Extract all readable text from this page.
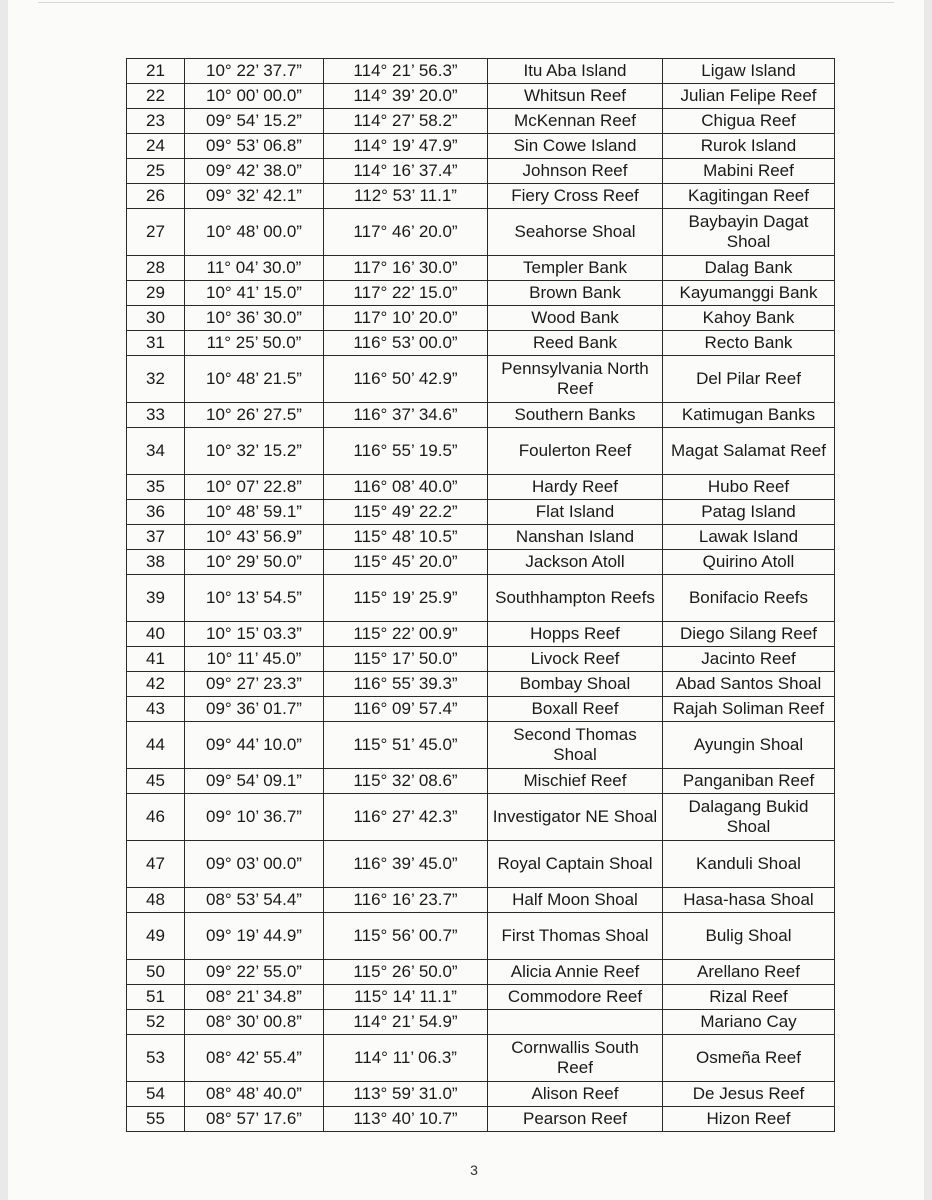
21	10° 22’ 37.7”	114° 21’ 56.3”	Itu Aba Island	Ligaw Island
22	10° 00’ 00.0”	114° 39’ 20.0”	Whitsun Reef	Julian Felipe Reef
23	09° 54’ 15.2”	114° 27’ 58.2”	McKennan Reef	Chigua Reef
24	09° 53’ 06.8”	114° 19’ 47.9”	Sin Cowe Island	Rurok Island
25	09° 42’ 38.0”	114° 16’ 37.4”	Johnson Reef	Mabini Reef
26	09° 32’ 42.1”	112° 53’ 11.1”	Fiery Cross Reef	Kagitingan Reef
27	10° 48’ 00.0”	117° 46’ 20.0”	Seahorse Shoal	Baybayin Dagat Shoal
28	11° 04’ 30.0”	117° 16’ 30.0”	Templer Bank	Dalag Bank
29	10° 41’ 15.0”	117° 22’ 15.0”	Brown Bank	Kayumanggi Bank
30	10° 36’ 30.0”	117° 10’ 20.0”	Wood Bank	Kahoy Bank
31	11° 25’ 50.0”	116° 53’ 00.0”	Reed Bank	Recto Bank
32	10° 48’ 21.5”	116° 50’ 42.9”	Pennsylvania North Reef	Del Pilar Reef
33	10° 26’ 27.5”	116° 37’ 34.6”	Southern Banks	Katimugan Banks
34	10° 32’ 15.2”	116° 55’ 19.5”	Foulerton Reef	Magat Salamat Reef
35	10° 07’ 22.8”	116° 08’ 40.0”	Hardy Reef	Hubo Reef
36	10° 48’ 59.1”	115° 49’ 22.2”	Flat Island	Patag Island
37	10° 43’ 56.9”	115° 48’ 10.5”	Nanshan Island	Lawak Island
38	10° 29’ 50.0”	115° 45’ 20.0”	Jackson Atoll	Quirino Atoll
39	10° 13’ 54.5”	115° 19’ 25.9”	Southhampton Reefs	Bonifacio Reefs
40	10° 15’ 03.3”	115° 22’ 00.9”	Hopps Reef	Diego Silang Reef
41	10° 11’ 45.0”	115° 17’ 50.0”	Livock Reef	Jacinto Reef
42	09° 27’ 23.3”	116° 55’ 39.3”	Bombay Shoal	Abad Santos Shoal
43	09° 36’ 01.7”	116° 09’ 57.4”	Boxall Reef	Rajah Soliman Reef
44	09° 44’ 10.0”	115° 51’ 45.0”	Second Thomas Shoal	Ayungin Shoal
45	09° 54’ 09.1”	115° 32’ 08.6”	Mischief Reef	Panganiban Reef
46	09° 10’ 36.7”	116° 27’ 42.3”	Investigator NE Shoal	Dalagang Bukid Shoal
47	09° 03’ 00.0”	116° 39’ 45.0”	Royal Captain Shoal	Kanduli Shoal
48	08° 53’ 54.4”	116° 16’ 23.7”	Half Moon Shoal	Hasa-hasa Shoal
49	09° 19’ 44.9”	115° 56’ 00.7”	First Thomas Shoal	Bulig Shoal
50	09° 22’ 55.0”	115° 26’ 50.0”	Alicia Annie Reef	Arellano Reef
51	08° 21’ 34.8”	115° 14’ 11.1”	Commodore Reef	Rizal Reef
52	08° 30’ 00.8”	114° 21’ 54.9”		Mariano Cay
53	08° 42’ 55.4”	114° 11’ 06.3”	Cornwallis South Reef	Osmeña Reef
54	08° 48’ 40.0”	113° 59’ 31.0”	Alison Reef	De Jesus Reef
55	08° 57’ 17.6”	113° 40’ 10.7”	Pearson Reef	Hizon Reef
3
